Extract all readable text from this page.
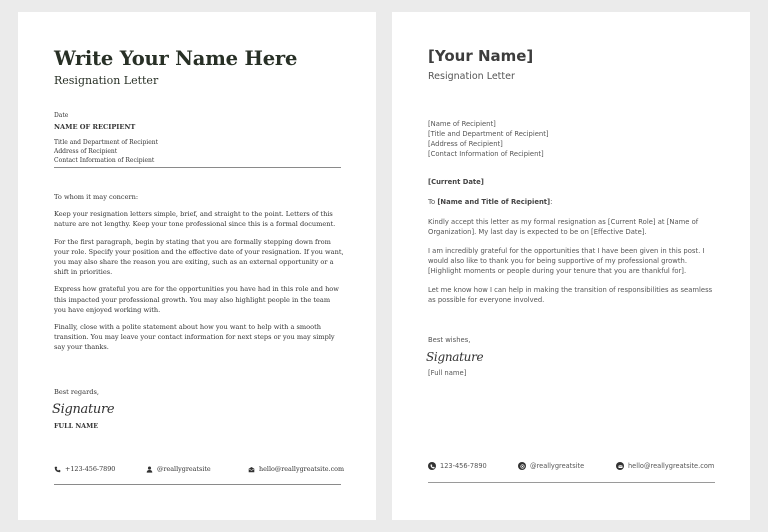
Write Your Name Here
Resignation Letter
Date
NAME OF RECIPIENT
Title and Department of Recipient
Address of Recipient
Contact Information of Recipient

To whom it may concern:

Keep your resignation letters simple, brief, and straight to the point. Letters of this nature are not lengthy. Keep your tone professional since this is a formal document.

For the first paragraph, begin by stating that you are formally stepping down from your role. Specify your position and the effective date of your resignation. If you want, you may also share the reason you are exiting, such as an external opportunity or a shift in priorities.

Express how grateful you are for the opportunities you have had in this role and how this impacted your professional growth. You may also highlight people in the team you have enjoyed working with.

Finally, close with a polite statement about how you want to help with a smooth transition. You may leave your contact information for next steps or you may simply say your thanks.

Best regards,
Signature
FULL NAME
+123-456-7890	@reallygreatsite	hello@reallygreatsite.com
[Your Name]
Resignation Letter
[Name of Recipient]
[Title and Department of Recipient]
[Address of Recipient]
[Contact Information of Recipient]
[Current Date]
To [Name and Title of Recipient]:

Kindly accept this letter as my formal resignation as [Current Role] at [Name of Organization]. My last day is expected to be on [Effective Date].

I am incredibly grateful for the opportunities that I have been given in this post. I would also like to thank you for being supportive of my professional growth. [Highlight moments or people during your tenure that you are thankful for].

Let me know how I can help in making the transition of responsibilities as seamless as possible for everyone involved.

Best wishes,
Signature
[Full name]
123-456-7890	@reallygreatsite	hello@reallygreatsite.com
